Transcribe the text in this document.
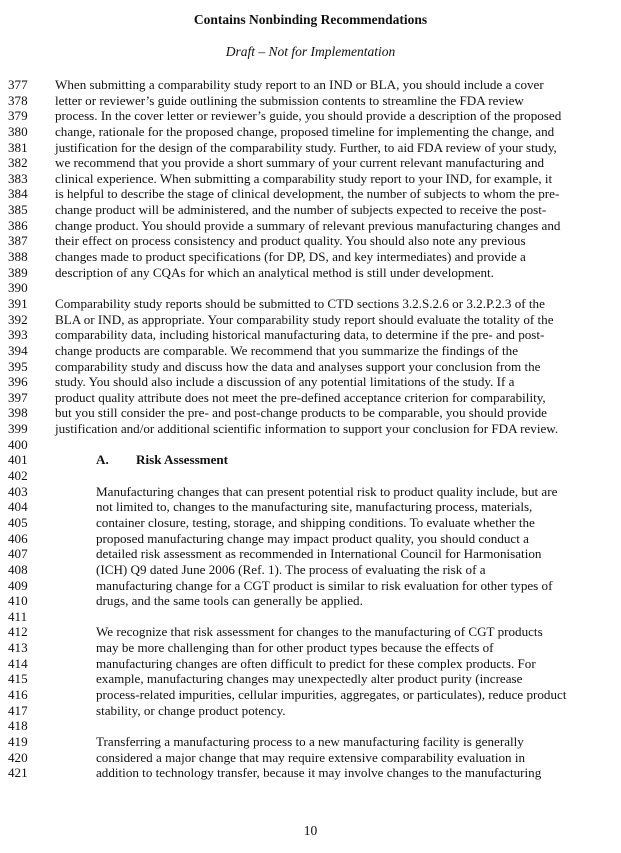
Contains Nonbinding Recommendations
Draft – Not for Implementation
377	When submitting a comparability study report to an IND or BLA, you should include a cover
378	letter or reviewer’s guide outlining the submission contents to streamline the FDA review
379	process. In the cover letter or reviewer’s guide, you should provide a description of the proposed
380	change, rationale for the proposed change, proposed timeline for implementing the change, and
381	justification for the design of the comparability study. Further, to aid FDA review of your study,
382	we recommend that you provide a short summary of your current relevant manufacturing and
383	clinical experience. When submitting a comparability study report to your IND, for example, it
384	is helpful to describe the stage of clinical development, the number of subjects to whom the pre-
385	change product will be administered, and the number of subjects expected to receive the post-
386	change product. You should provide a summary of relevant previous manufacturing changes and
387	their effect on process consistency and product quality. You should also note any previous
388	changes made to product specifications (for DP, DS, and key intermediates) and provide a
389	description of any CQAs for which an analytical method is still under development.
390
391	Comparability study reports should be submitted to CTD sections 3.2.S.2.6 or 3.2.P.2.3 of the
392	BLA or IND, as appropriate. Your comparability study report should evaluate the totality of the
393	comparability data, including historical manufacturing data, to determine if the pre- and post-
394	change products are comparable. We recommend that you summarize the findings of the
395	comparability study and discuss how the data and analyses support your conclusion from the
396	study. You should also include a discussion of any potential limitations of the study. If a
397	product quality attribute does not meet the pre-defined acceptance criterion for comparability,
398	but you still consider the pre- and post-change products to be comparable, you should provide
399	justification and/or additional scientific information to support your conclusion for FDA review.
400
401	A. Risk Assessment
402
403	Manufacturing changes that can present potential risk to product quality include, but are
404	not limited to, changes to the manufacturing site, manufacturing process, materials,
405	container closure, testing, storage, and shipping conditions. To evaluate whether the
406	proposed manufacturing change may impact product quality, you should conduct a
407	detailed risk assessment as recommended in International Council for Harmonisation
408	(ICH) Q9 dated June 2006 (Ref. 1). The process of evaluating the risk of a
409	manufacturing change for a CGT product is similar to risk evaluation for other types of
410	drugs, and the same tools can generally be applied.
411
412	We recognize that risk assessment for changes to the manufacturing of CGT products
413	may be more challenging than for other product types because the effects of
414	manufacturing changes are often difficult to predict for these complex products. For
415	example, manufacturing changes may unexpectedly alter product purity (increase
416	process-related impurities, cellular impurities, aggregates, or particulates), reduce product
417	stability, or change product potency.
418
419	Transferring a manufacturing process to a new manufacturing facility is generally
420	considered a major change that may require extensive comparability evaluation in
421	addition to technology transfer, because it may involve changes to the manufacturing
10
